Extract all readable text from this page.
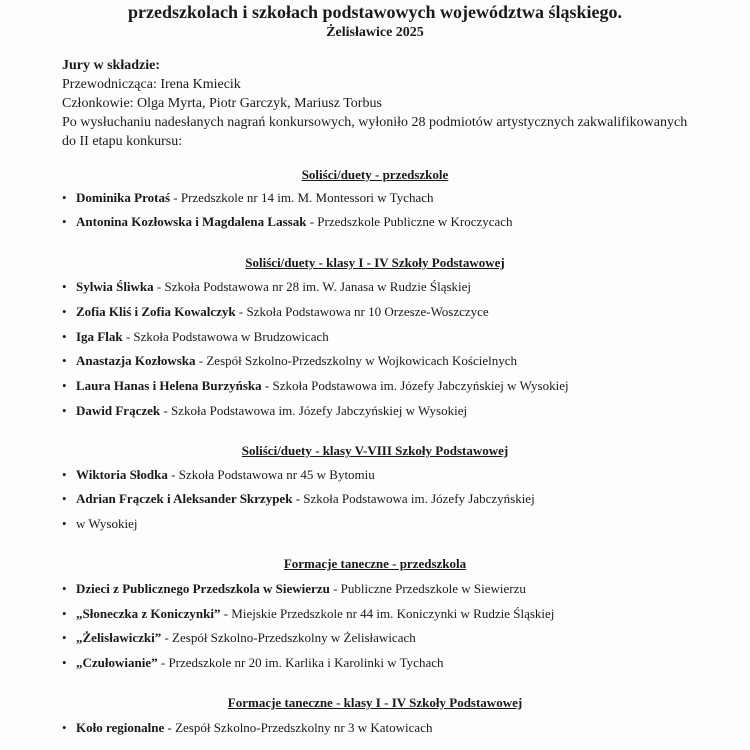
przedszkolach i szkołach podstawowych województwa śląskiego.
Żelisławice 2025
Jury w składzie:
Przewodnicząca: Irena Kmiecik
Członkowie: Olga Myrta, Piotr Garczyk, Mariusz Torbus
Po wysłuchaniu nadesłanych nagrań konkursowych, wyłoniło 28 podmiotów artystycznych zakwalifikowanych do II etapu konkursu:
Soliści/duety - przedszkole
• Dominika Protaś - Przedszkole nr 14 im. M. Montessori w Tychach
• Antonina Kozłowska i Magdalena Lassak - Przedszkole Publiczne w Kroczycach
Soliści/duety - klasy I - IV Szkoły Podstawowej
• Sylwia Śliwka - Szkoła Podstawowa nr 28 im. W. Janasa w Rudzie Śląskiej
• Zofia Kliś i Zofia Kowalczyk - Szkoła Podstawowa nr 10 Orzesze-Woszczyce
• Iga Flak - Szkoła Podstawowa w Brudzowicach
• Anastazja Kozłowska - Zespół Szkolno-Przedszkolny w Wojkowicach Kościelnych
• Laura Hanas i Helena Burzyńska - Szkoła Podstawowa im. Józefy Jabczyńskiej w Wysokiej
• Dawid Frączek - Szkoła Podstawowa im. Józefy Jabczyńskiej w Wysokiej
Soliści/duety - klasy V-VIII Szkoły Podstawowej
• Wiktoria Słodka - Szkoła Podstawowa nr 45 w Bytomiu
• Adrian Frączek i Aleksander Skrzypek - Szkoła Podstawowa im. Józefy Jabczyńskiej
• w Wysokiej
Formacje taneczne - przedszkola
• Dzieci z Publicznego Przedszkola w Siewierzu - Publiczne Przedszkole w Siewierzu
• „Słoneczka z Koniczynki” - Miejskie Przedszkole nr 44 im. Koniczynki w Rudzie Śląskiej
• „Żelisławiczki” - Zespół Szkolno-Przedszkolny w Żelisławicach
• „Czułowianie” - Przedszkole nr 20 im. Karlika i Karolinki w Tychach
Formacje taneczne - klasy I - IV Szkoły Podstawowej
• Koło regionalne - Zespół Szkolno-Przedszkolny nr 3 w Katowicach
